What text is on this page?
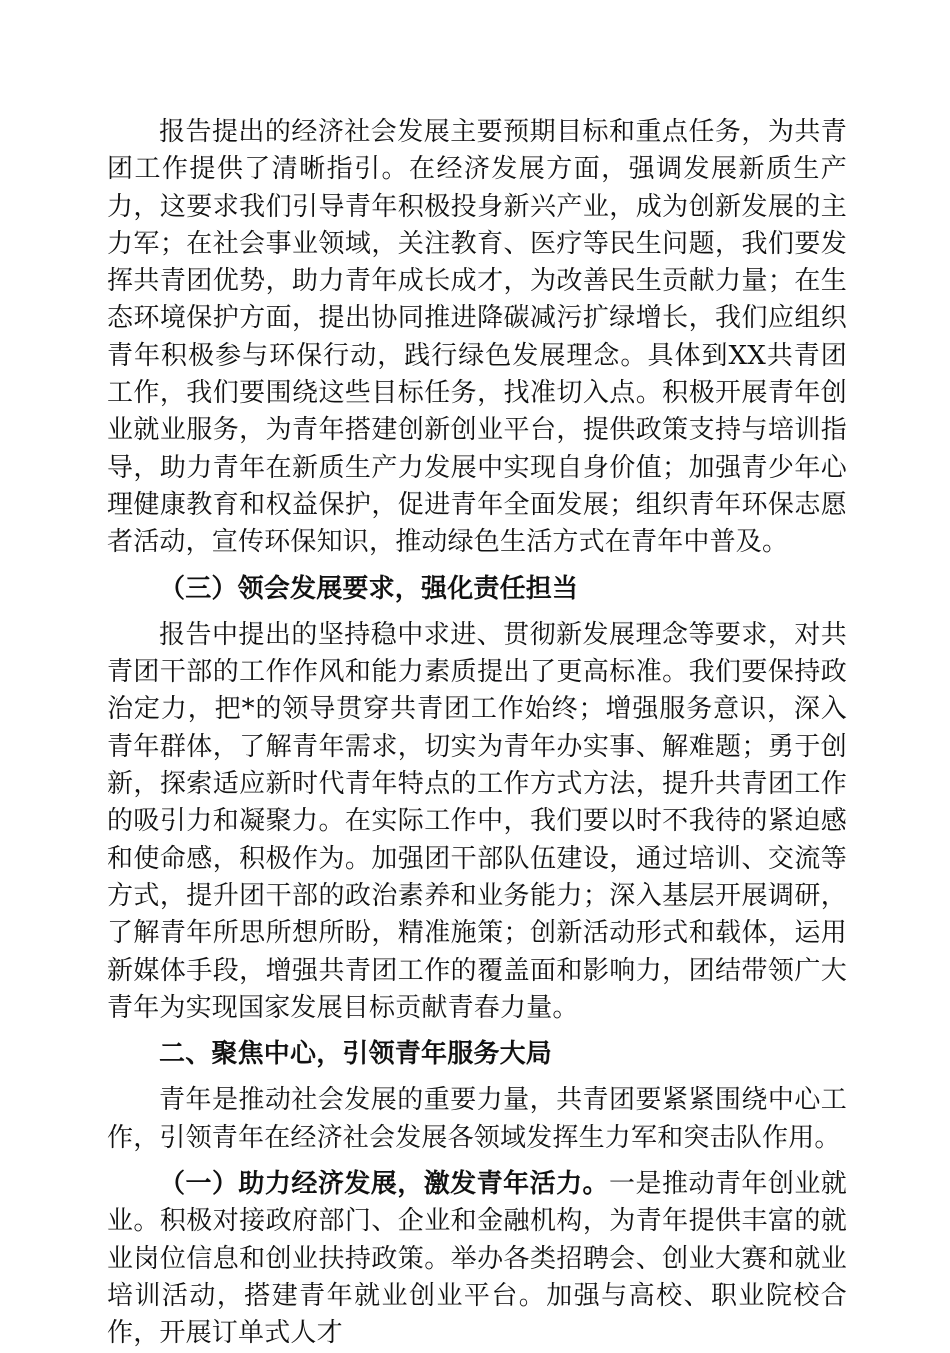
报告提出的经济社会发展主要预期目标和重点任务，为共青团工作提供了清晰指引。在经济发展方面，强调发展新质生产力，这要求我们引导青年积极投身新兴产业，成为创新发展的主力军；在社会事业领域，关注教育、医疗等民生问题，我们要发挥共青团优势，助力青年成长成才，为改善民生贡献力量；在生态环境保护方面，提出协同推进降碳减污扩绿增长，我们应组织青年积极参与环保行动，践行绿色发展理念。具体到XX共青团工作，我们要围绕这些目标任务，找准切入点。积极开展青年创业就业服务，为青年搭建创新创业平台，提供政策支持与培训指导，助力青年在新质生产力发展中实现自身价值；加强青少年心理健康教育和权益保护，促进青年全面发展；组织青年环保志愿者活动，宣传环保知识，推动绿色生活方式在青年中普及。

（三）领会发展要求，强化责任担当

报告中提出的坚持稳中求进、贯彻新发展理念等要求，对共青团干部的工作作风和能力素质提出了更高标准。我们要保持政治定力，把*的领导贯穿共青团工作始终；增强服务意识，深入青年群体，了解青年需求，切实为青年办实事、解难题；勇于创新，探索适应新时代青年特点的工作方式方法，提升共青团工作的吸引力和凝聚力。在实际工作中，我们要以时不我待的紧迫感和使命感，积极作为。加强团干部队伍建设，通过培训、交流等方式，提升团干部的政治素养和业务能力；深入基层开展调研，了解青年所思所想所盼，精准施策；创新活动形式和载体，运用新媒体手段，增强共青团工作的覆盖面和影响力，团结带领广大青年为实现国家发展目标贡献青春力量。

二、聚焦中心，引领青年服务大局

青年是推动社会发展的重要力量，共青团要紧紧围绕中心工作，引领青年在经济社会发展各领域发挥生力军和突击队作用。

（一）助力经济发展，激发青年活力。一是推动青年创业就业。积极对接政府部门、企业和金融机构，为青年提供丰富的就业岗位信息和创业扶持政策。举办各类招聘会、创业大赛和就业培训活动，搭建青年就业创业平台。加强与高校、职业院校合作，开展订单式人才
